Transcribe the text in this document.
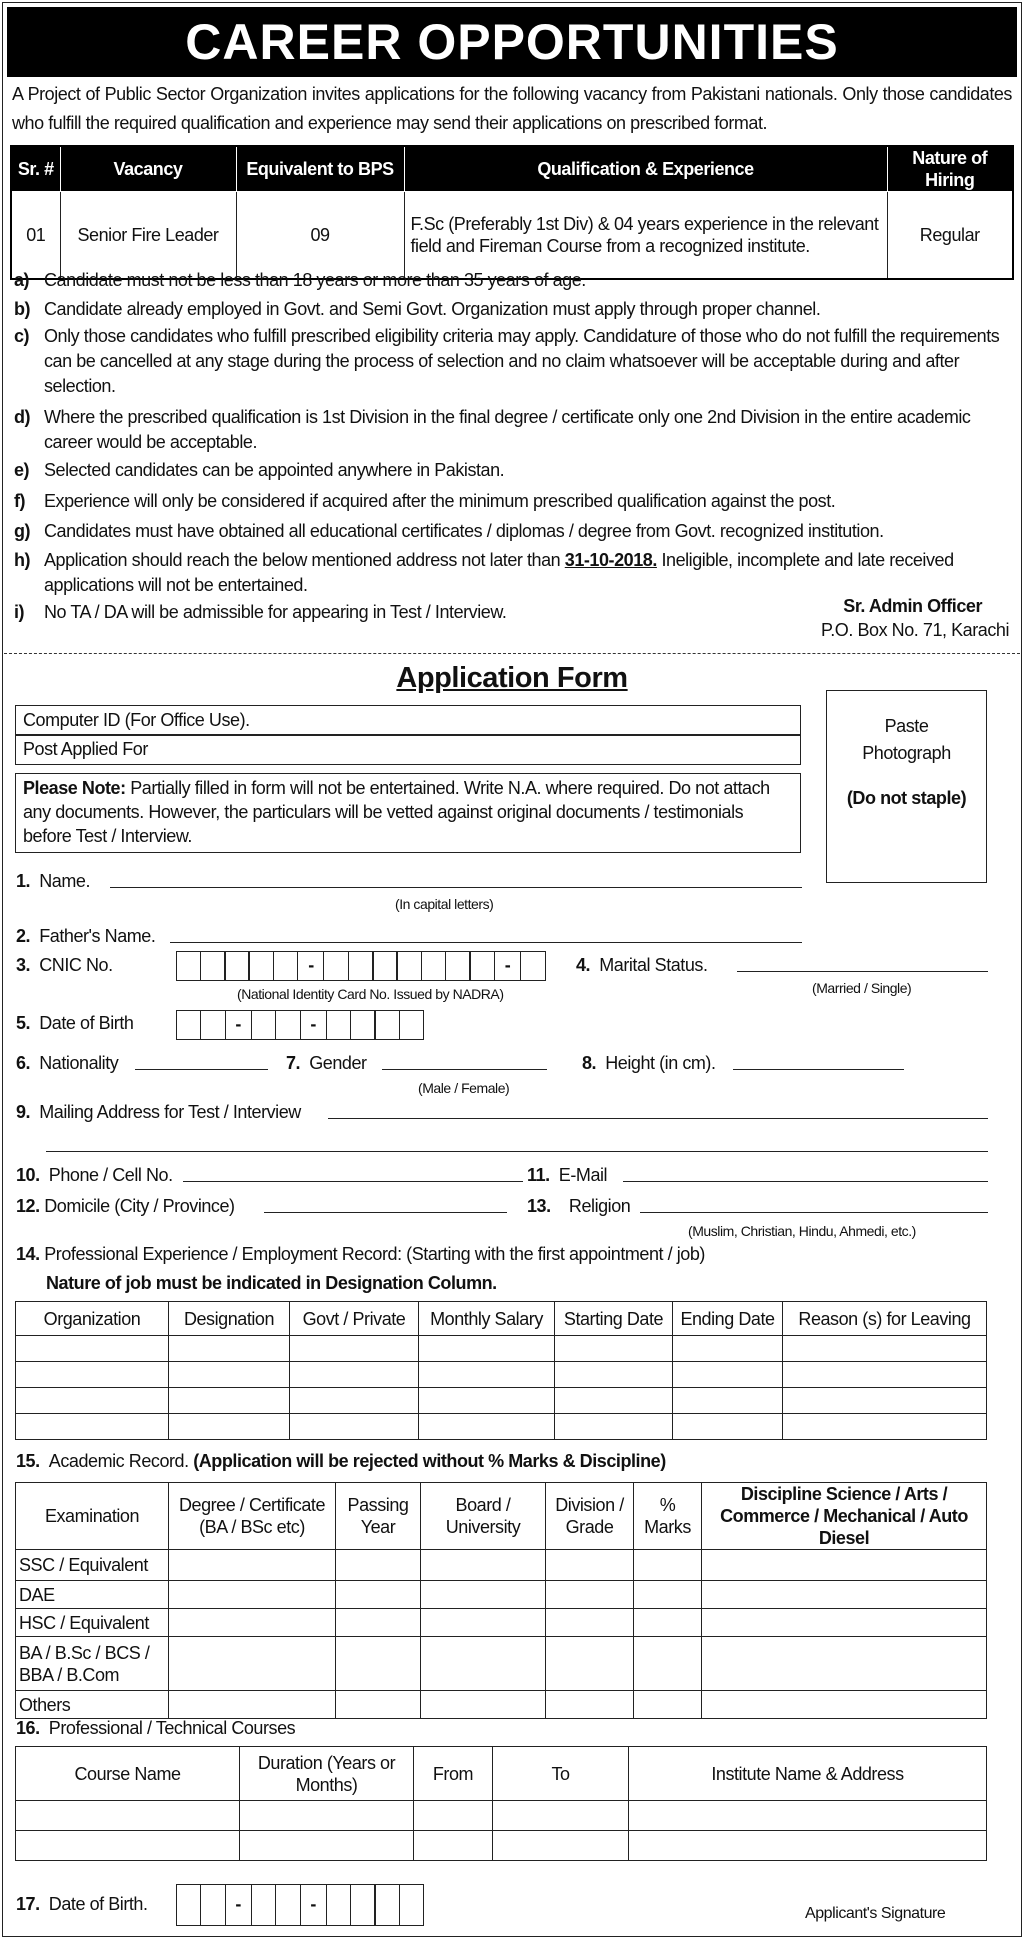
CAREER OPPORTUNITIES
A Project of Public Sector Organization invites applications for the following vacancy from Pakistani nationals. Only those candidates who fulfill the required qualification and experience may send their applications on prescribed format.
Sr. #	Vacancy	Equivalent to BPS	Qualification & Experience	Nature of Hiring
01	Senior Fire Leader	09	F.Sc (Preferably 1st Div) & 04 years experience in the relevant field and Fireman Course from a recognized institute.	Regular
a) Candidate must not be less than 18 years or more than 35 years of age.
b) Candidate already employed in Govt. and Semi Govt. Organization must apply through proper channel.
c) Only those candidates who fulfill prescribed eligibility criteria may apply. Candidature of those who do not fulfill the requirements can be cancelled at any stage during the process of selection and no claim whatsoever will be acceptable during and after selection.
d) Where the prescribed qualification is 1st Division in the final degree / certificate only one 2nd Division in the entire academic career would be acceptable.
e) Selected candidates can be appointed anywhere in Pakistan.
f) Experience will only be considered if acquired after the minimum prescribed qualification against the post.
g) Candidates must have obtained all educational certificates / diplomas / degree from Govt. recognized institution.
h) Application should reach the below mentioned address not later than 31-10-2018. Ineligible, incomplete and late received applications will not be entertained.
i) No TA / DA will be admissible for appearing in Test / Interview.	Sr. Admin Officer
P.O. Box No. 71, Karachi
Application Form
Computer ID (For Office Use).
Post Applied For
Please Note: Partially filled in form will not be entertained. Write N.A. where required. Do not attach any documents. However, the particulars will be vetted against original documents / testimonials before Test / Interview.
Paste
Photograph
(Do not staple)
1. Name.
(In capital letters)
2. Father's Name.
3. CNIC No.	-	-
(National Identity Card No. Issued by NADRA)
4. Marital Status.
(Married / Single)
5. Date of Birth	-	-
6. Nationality	7. Gender
(Male / Female)
8. Height (in cm).
9. Mailing Address for Test / Interview
10. Phone / Cell No.	11. E-Mail
12. Domicile (City / Province)	13. Religion
(Muslim, Christian, Hindu, Ahmedi, etc.)
14. Professional Experience / Employment Record: (Starting with the first appointment / job)
Nature of job must be indicated in Designation Column.
Organization	Designation	Govt / Private	Monthly Salary	Starting Date	Ending Date	Reason (s) for Leaving

15. Academic Record. (Application will be rejected without % Marks & Discipline)
Examination	Degree / Certificate (BA / BSc etc)	Passing Year	Board / University	Division / Grade	% Marks	Discipline Science / Arts / Commerce / Mechanical / Auto Diesel
SSC / Equivalent						
DAE						
HSC / Equivalent						
BA / B.Sc / BCS / BBA / B.Com						
Others						
16. Professional / Technical Courses
Course Name	Duration (Years or Months)	From	To	Institute Name & Address

17. Date of Birth.	-	-	Applicant's Signature
